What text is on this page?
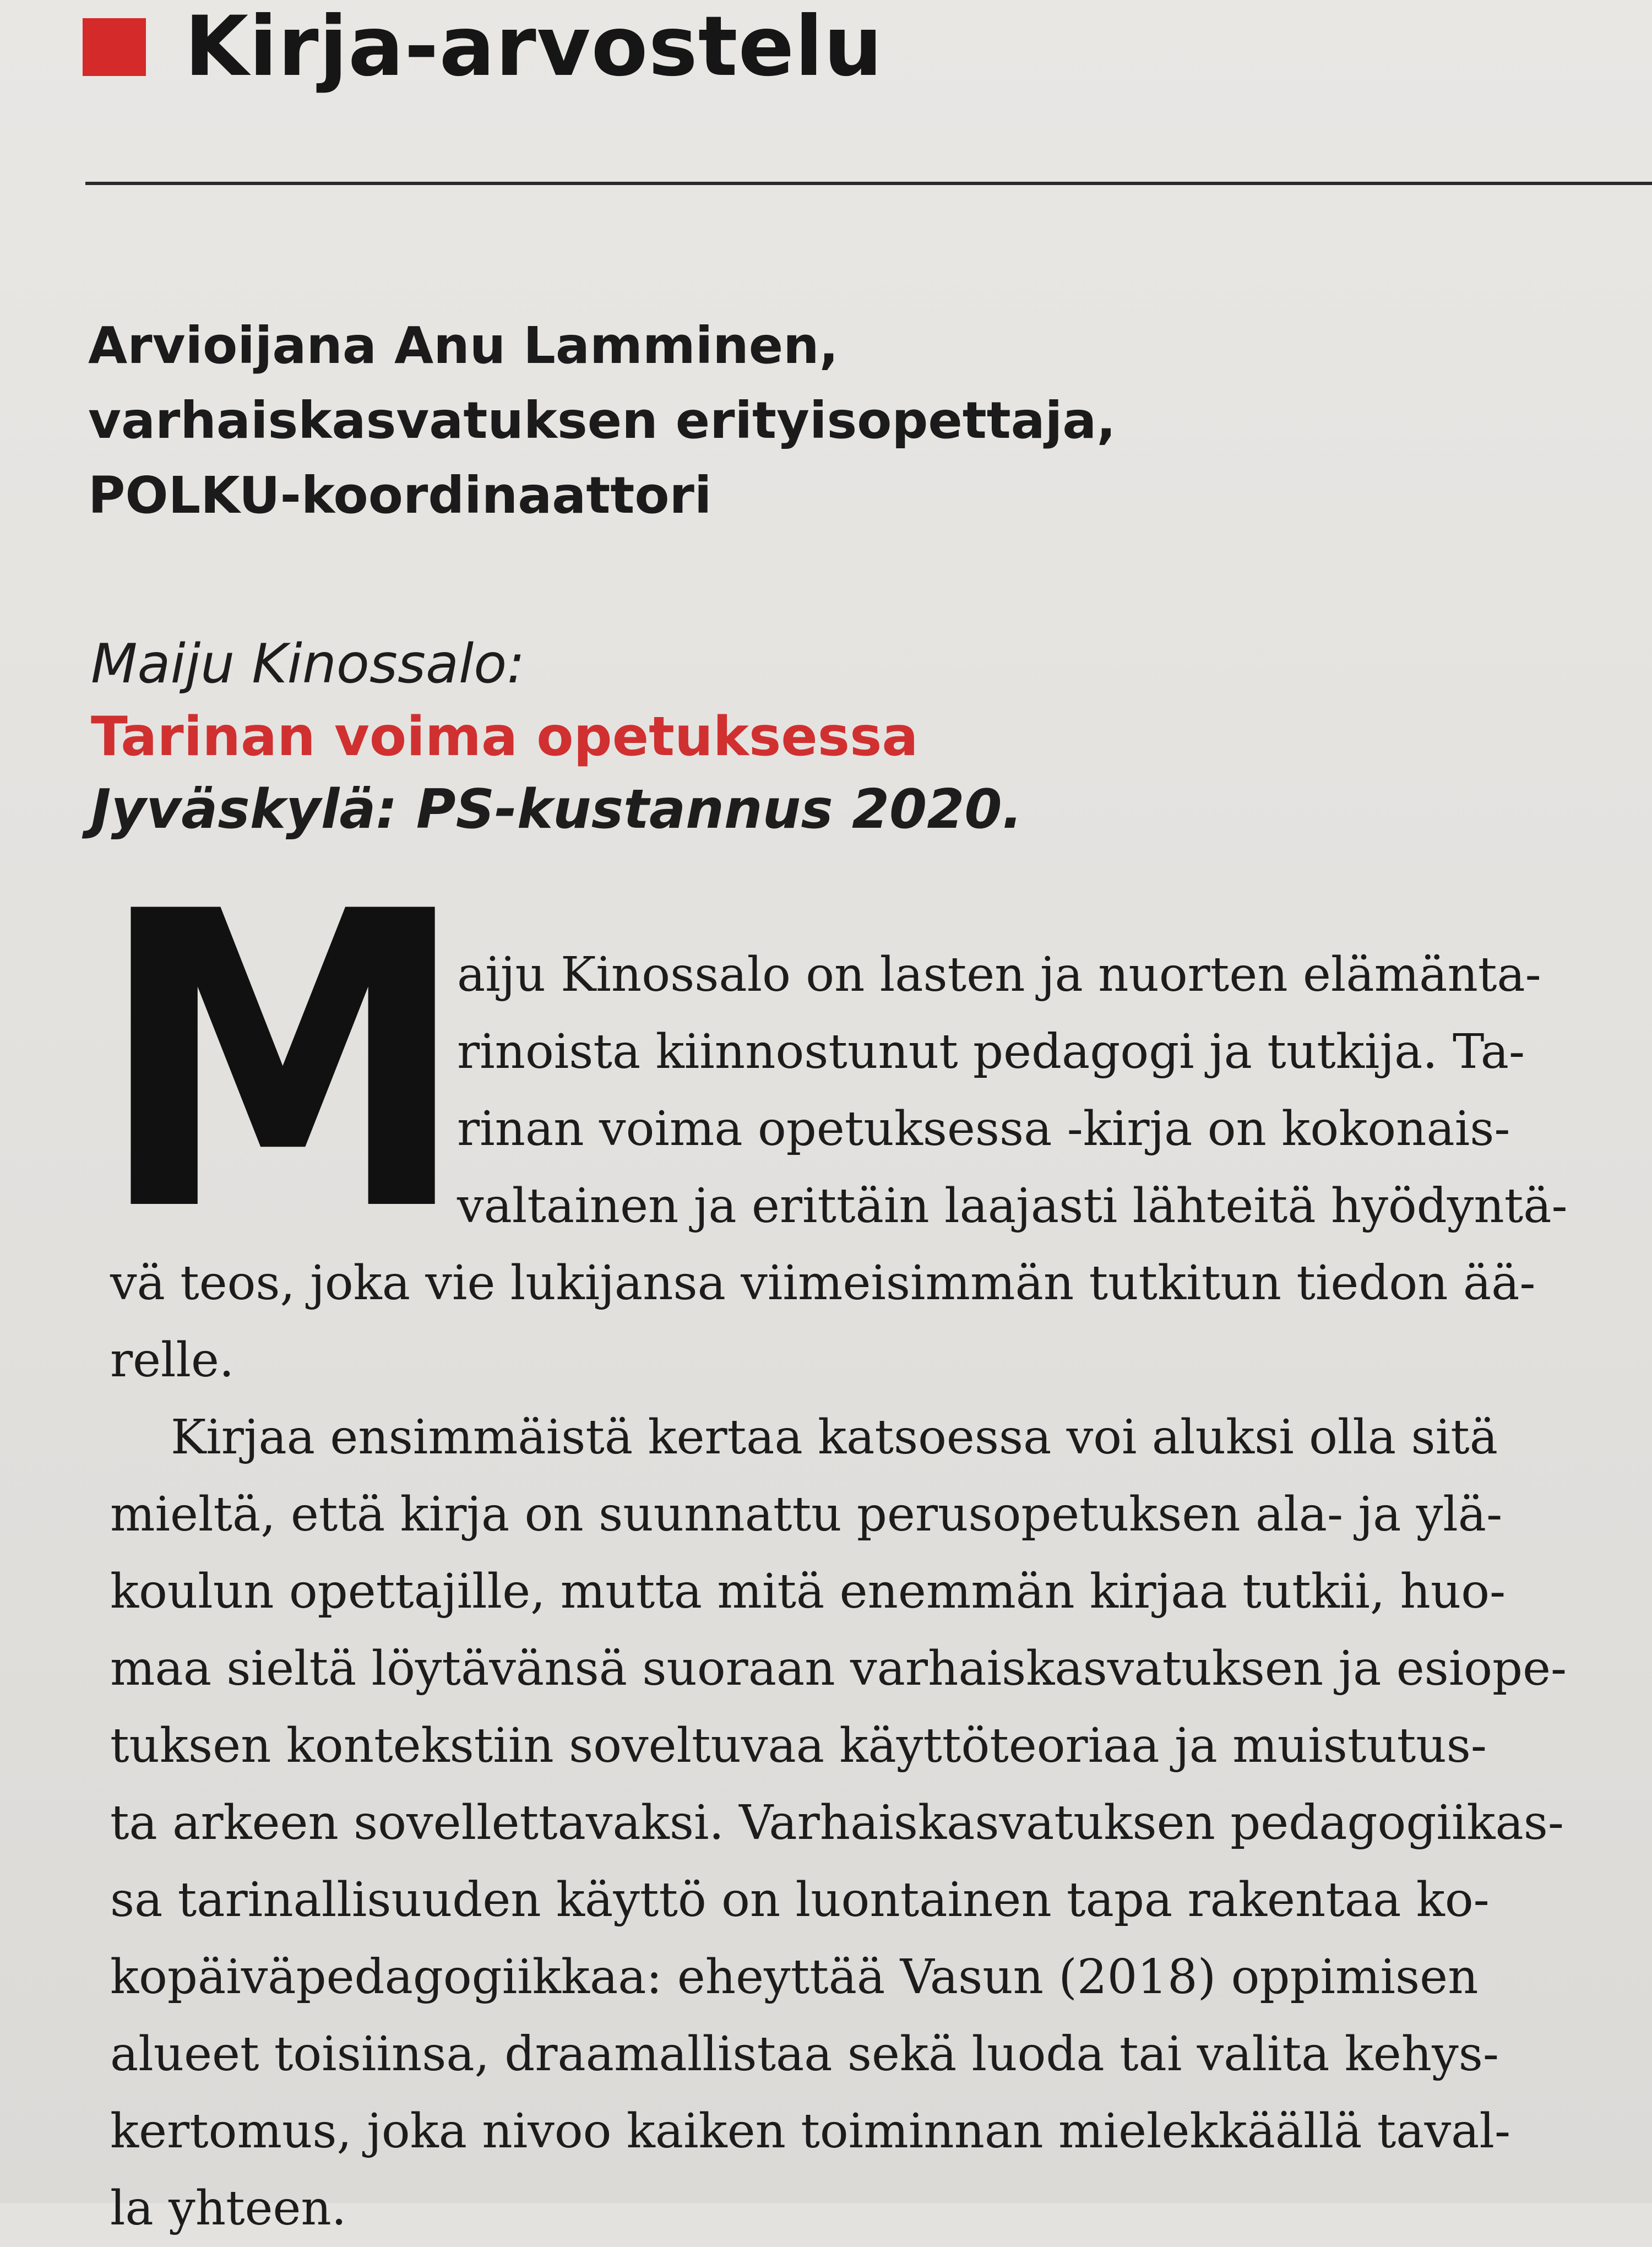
Kirja-arvostelu
Arvioijana Anu Lamminen,
varhaiskasvatuksen erityisopettaja,
POLKU-koordinaattori
Maiju Kinossalo:
Tarinan voima opetuksessa
Jyväskylä: PS-kustannus 2020.
M
aiju Kinossalo on lasten ja nuorten elämänta-
rinoista kiinnostunut pedagogi ja tutkija. Ta-
rinan voima opetuksessa -kirja on kokonais-
valtainen ja erittäin laajasti lähteitä hyödyntä-
vä teos, joka vie lukijansa viimeisimmän tutkitun tiedon ää-
relle.
Kirjaa ensimmäistä kertaa katsoessa voi aluksi olla sitä
mieltä, että kirja on suunnattu perusopetuksen ala- ja ylä-
koulun opettajille, mutta mitä enemmän kirjaa tutkii, huo-
maa sieltä löytävänsä suoraan varhaiskasvatuksen ja esiope-
tuksen kontekstiin soveltuvaa käyttöteoriaa ja muistutus-
ta arkeen sovellettavaksi. Varhaiskasvatuksen pedagogiikas-
sa tarinallisuuden käyttö on luontainen tapa rakentaa ko-
kopäiväpedagogiikkaa: eheyttää Vasun (2018) oppimisen
alueet toisiinsa, draamallistaa sekä luoda tai valita kehys-
kertomus, joka nivoo kaiken toiminnan mielekkäällä taval-
la yhteen.
